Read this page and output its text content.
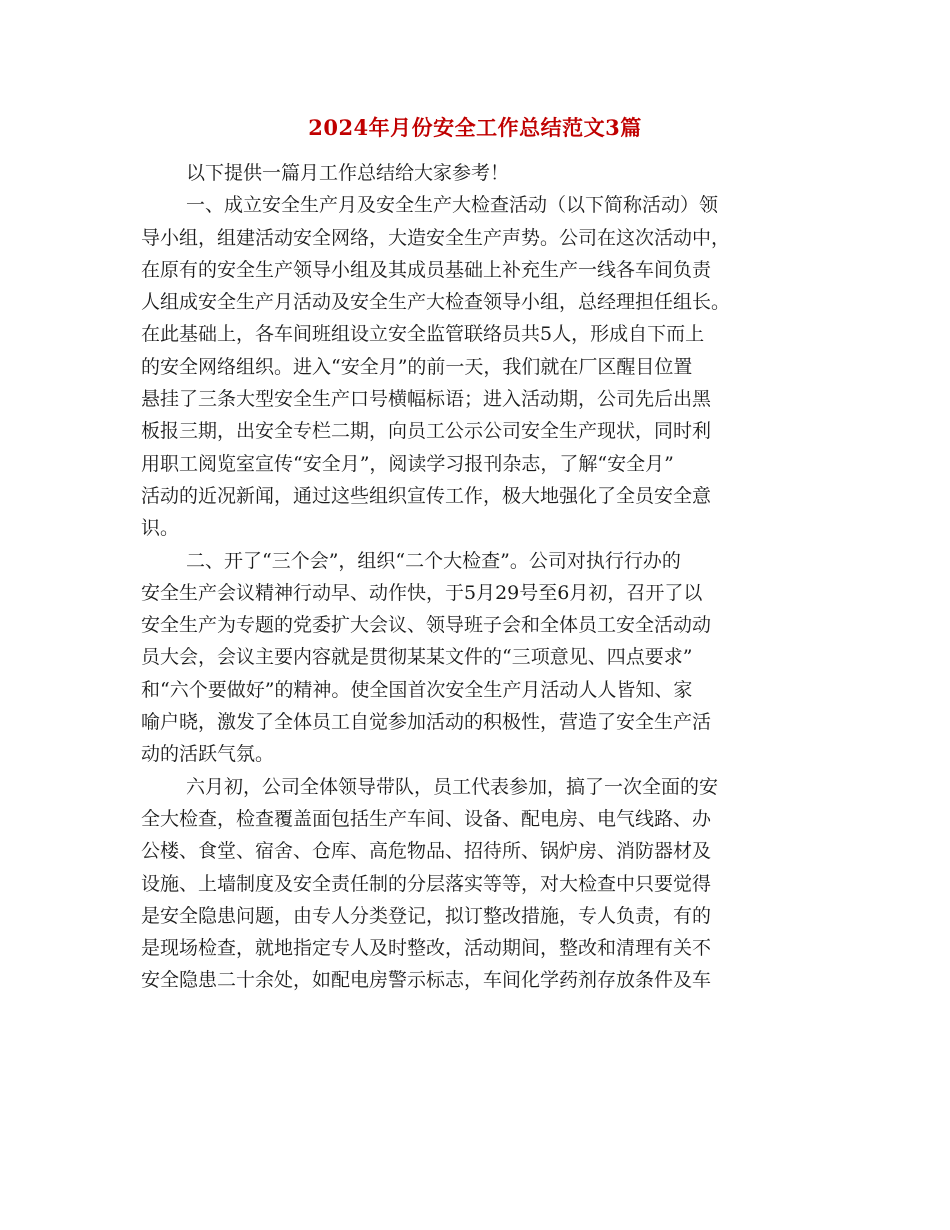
2024年月份安全工作总结范文3篇
以下提供一篇月工作总结给大家参考！
一、成立安全生产月及安全生产大检查活动（以下简称活动）领
导小组，组建活动安全网络，大造安全生产声势。公司在这次活动中，
在原有的安全生产领导小组及其成员基础上补充生产一线各车间负责
人组成安全生产月活动及安全生产大检查领导小组，总经理担任组长。
在此基础上，各车间班组设立安全监管联络员共5人，形成自下而上
的安全网络组织。进入“安全月”的前一天，我们就在厂区醒目位置
悬挂了三条大型安全生产口号横幅标语；进入活动期，公司先后出黑
板报三期，出安全专栏二期，向员工公示公司安全生产现状，同时利
用职工阅览室宣传“安全月”，阅读学习报刊杂志，了解“安全月”
活动的近况新闻，通过这些组织宣传工作，极大地强化了全员安全意
识。
二、开了“三个会”，组织“二个大检查”。公司对执行行办的
安全生产会议精神行动早、动作快，于5月29号至6月初，召开了以
安全生产为专题的党委扩大会议、领导班子会和全体员工安全活动动
员大会，会议主要内容就是贯彻某某文件的“三项意见、四点要求”
和“六个要做好”的精神。使全国首次安全生产月活动人人皆知、家
喻户晓，激发了全体员工自觉参加活动的积极性，营造了安全生产活
动的活跃气氛。
六月初，公司全体领导带队，员工代表参加，搞了一次全面的安
全大检查，检查覆盖面包括生产车间、设备、配电房、电气线路、办
公楼、食堂、宿舍、仓库、高危物品、招待所、锅炉房、消防器材及
设施、上墙制度及安全责任制的分层落实等等，对大检查中只要觉得
是安全隐患问题，由专人分类登记，拟订整改措施，专人负责，有的
是现场检查，就地指定专人及时整改，活动期间，整改和清理有关不
安全隐患二十余处，如配电房警示标志，车间化学药剂存放条件及车
